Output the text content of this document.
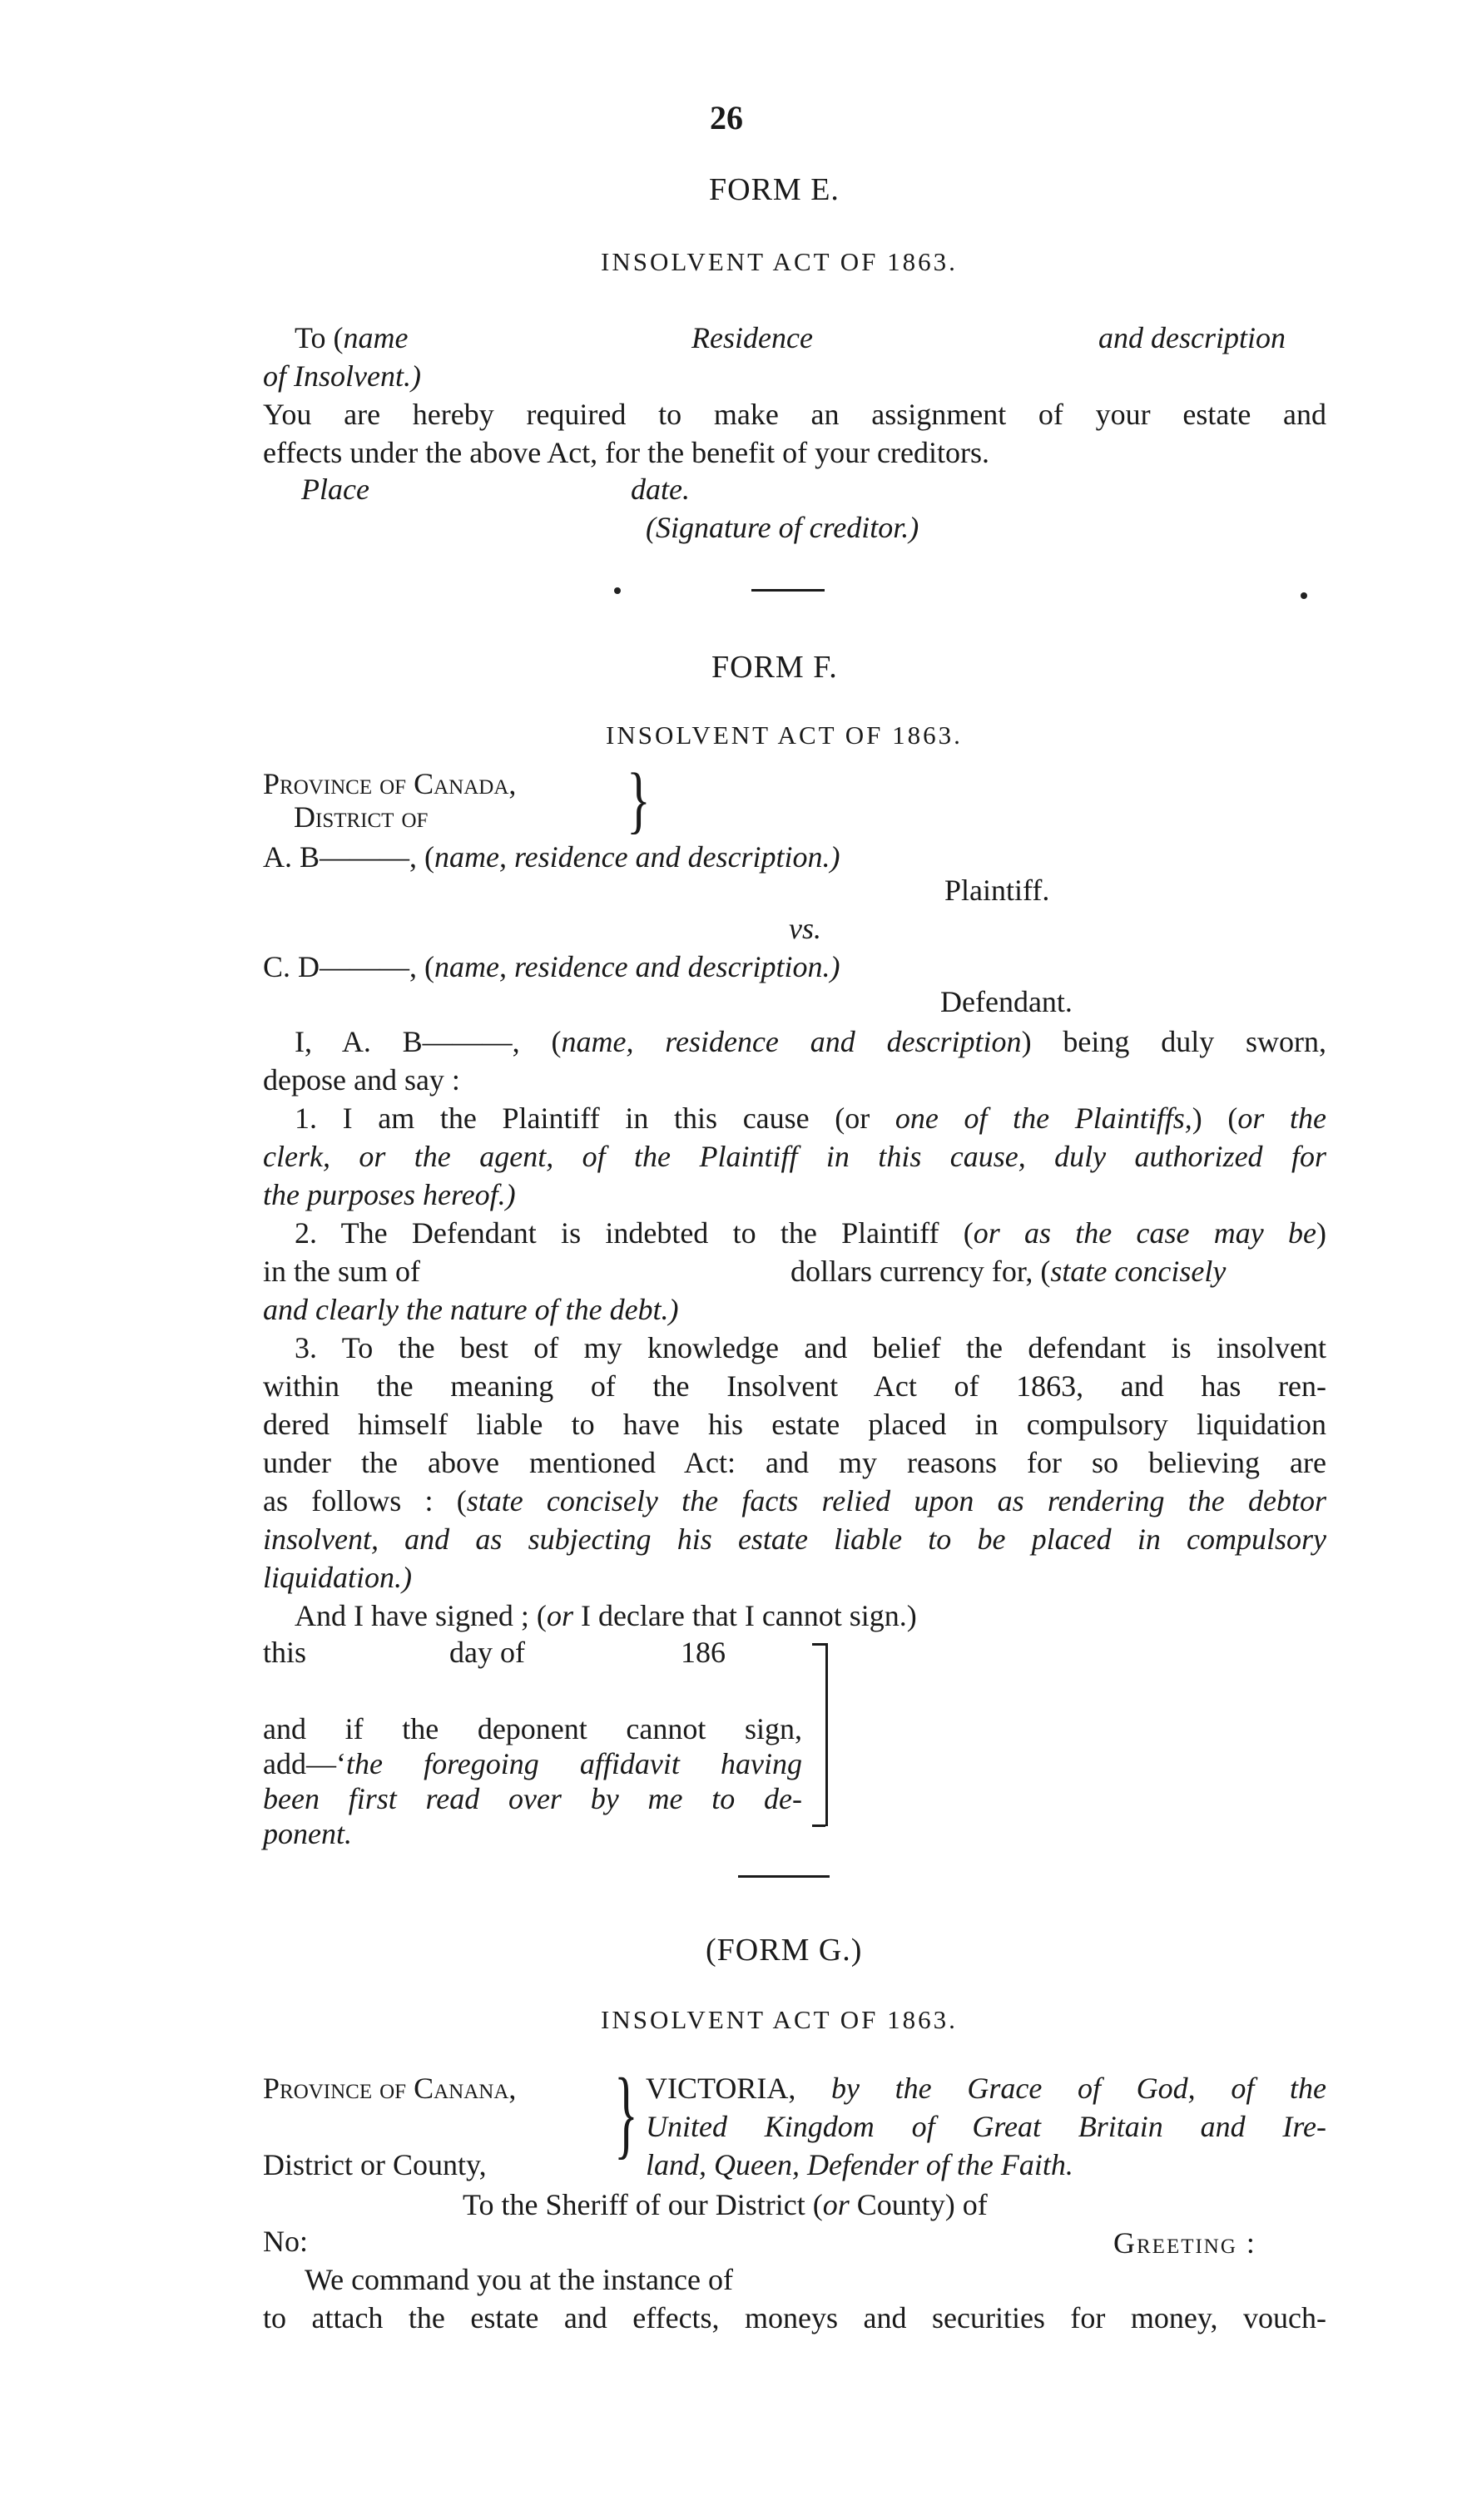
26
FORM E.
INSOLVENT ACT OF 1863.
To (name	Residence	and description
of Insolvent.)
You are hereby required to make an assignment of your estate and
effects under the above Act, for the benefit of your creditors.
Place	date.
(Signature of creditor.)
FORM F.
INSOLVENT ACT OF 1863.
Province of Canada,
District of	}
A. B———, (name, residence and description.)
Plaintiff.
vs.
C. D———, (name, residence and description.)
Defendant.
I, A. B———, (name, residence and description) being duly sworn,
depose and say :
1. I am the Plaintiff in this cause (or one of the Plaintiffs,) (or the
clerk, or the agent, of the Plaintiff in this cause, duly authorized for
the purposes hereof.)
2. The Defendant is indebted to the Plaintiff (or as the case may be)
in the sum of	dollars currency for, (state concisely
and clearly the nature of the debt.)
3. To the best of my knowledge and belief the defendant is insolvent
within the meaning of the Insolvent Act of 1863, and has ren-
dered himself liable to have his estate placed in compulsory liquidation
under the above mentioned Act: and my reasons for so believing are
as follows : (state concisely the facts relied upon as rendering the debtor
insolvent, and as subjecting his estate liable to be placed in compulsory
liquidation.)
And I have signed ; (or I declare that I cannot sign.)
this	day of	186
and if the deponent cannot sign,
add—‘the foregoing affidavit having
been first read over by me to de-
ponent.
(FORM G.)
INSOLVENT ACT OF 1863.
Province of Canana,
District or County,	} VICTORIA, by the Grace of God, of the
United Kingdom of Great Britain and Ire-
land, Queen, Defender of the Faith.
To the Sheriff of our District (or County) of
No:	Greeting :
We command you at the instance of
to attach the estate and effects, moneys and securities for money, vouch-
